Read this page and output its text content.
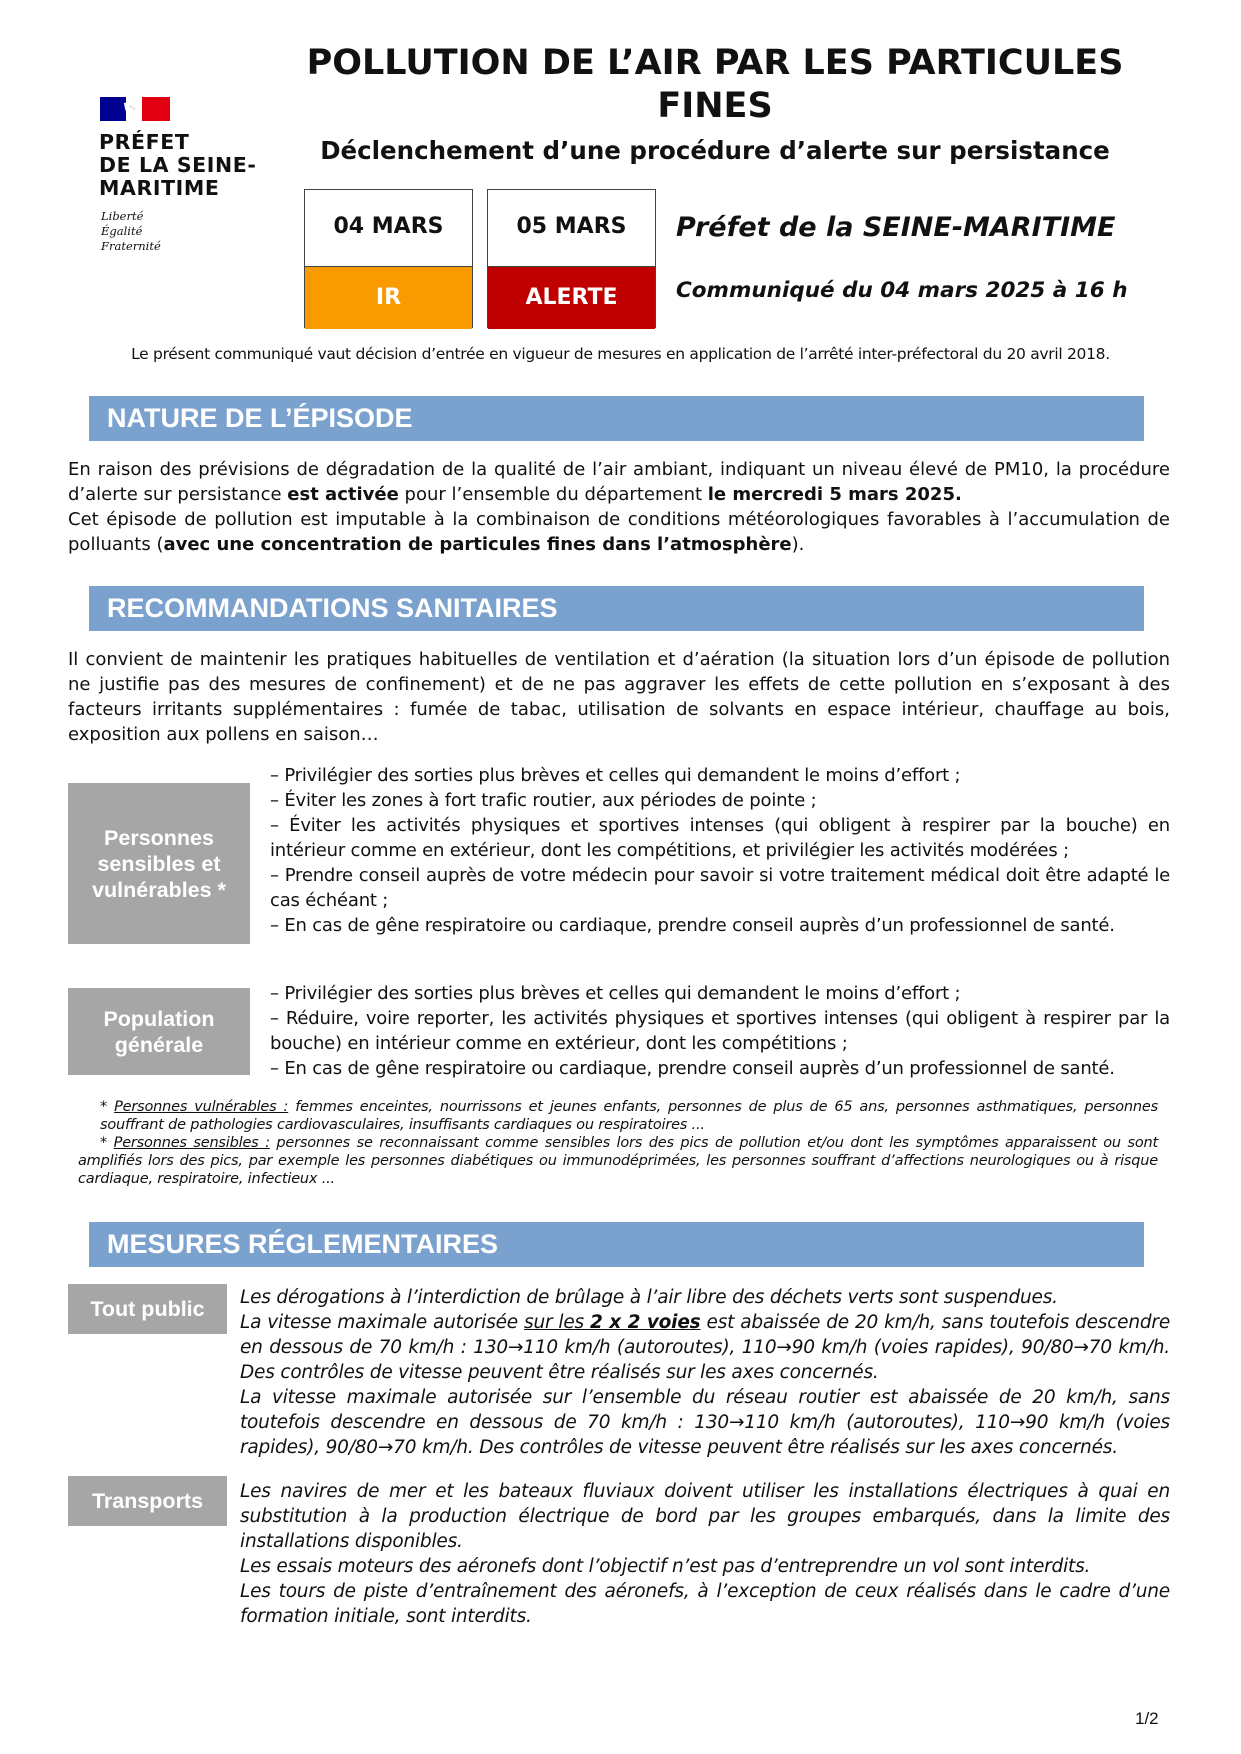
PRÉFET
DE LA SEINE-
MARITIME
Liberté
Égalité
Fraternité
POLLUTION DE L’AIR PAR LES PARTICULES
FINES
Déclenchement d’une procédure d’alerte sur persistance
04 MARS
IR
05 MARS
ALERTE
Préfet de la SEINE-MARITIME
Communiqué du 04 mars 2025 à 16 h
Le présent communiqué vaut décision d’entrée en vigueur de mesures en application de l’arrêté inter-préfectoral du 20 avril 2018.
NATURE DE L’ÉPISODE

En raison des prévisions de dégradation de la qualité de l’air ambiant, indiquant un niveau élevé de PM10, la procédure d’alerte sur persistance est activée pour l’ensemble du département le mercredi 5 mars 2025.

Cet épisode de pollution est imputable à la combinaison de conditions météorologiques favorables à l’accumulation de polluants (avec une concentration de particules fines dans l’atmosphère).

RECOMMANDATIONS SANITAIRES
Il convient de maintenir les pratiques habituelles de ventilation et d’aération (la situation lors d’un épisode de pollution ne justifie pas des mesures de confinement) et de ne pas aggraver les effets de cette pollution en s’exposant à des facteurs irritants supplémentaires : fumée de tabac, utilisation de solvants en espace intérieur, chauffage au bois, exposition aux pollens en saison…
Personnes sensibles et vulnérables *

– Privilégier des sorties plus brèves et celles qui demandent le moins d’effort ;

– Éviter les zones à fort trafic routier, aux périodes de pointe ;

– Éviter les activités physiques et sportives intenses (qui obligent à respirer par la bouche) en intérieur comme en extérieur, dont les compétitions, et privilégier les activités modérées ;

– Prendre conseil auprès de votre médecin pour savoir si votre traitement médical doit être adapté le cas échéant ;

– En cas de gêne respiratoire ou cardiaque, prendre conseil auprès d’un professionnel de santé.

Population générale

– Privilégier des sorties plus brèves et celles qui demandent le moins d’effort ;

– Réduire, voire reporter, les activités physiques et sportives intenses (qui obligent à respirer par la bouche) en intérieur comme en extérieur, dont les compétitions ;

– En cas de gêne respiratoire ou cardiaque, prendre conseil auprès d’un professionnel de santé.

* Personnes vulnérables : femmes enceintes, nourrissons et jeunes enfants, personnes de plus de 65 ans, personnes asthmatiques, personnes souffrant de pathologies cardiovasculaires, insuffisants cardiaques ou respiratoires ...

* Personnes sensibles : personnes se reconnaissant comme sensibles lors des pics de pollution et/ou dont les symptômes apparaissent ou sont amplifiés lors des pics, par exemple les personnes diabétiques ou immunodéprimées, les personnes souffrant d’affections neurologiques ou à risque cardiaque, respiratoire, infectieux ...

MESURES RÉGLEMENTAIRES
Tout public Les dérogations à l’interdiction de brûlage à l’air libre des déchets verts sont suspendues.

La vitesse maximale autorisée sur les 2 x 2 voies est abaissée de 20 km/h, sans toutefois descendre en dessous de 70 km/h : 130→110 km/h (autoroutes), 110→90 km/h (voies rapides), 90/80→70 km/h. Des contrôles de vitesse peuvent être réalisés sur les axes concernés.

La vitesse maximale autorisée sur l’ensemble du réseau routier est abaissée de 20 km/h, sans toutefois descendre en dessous de 70 km/h : 130→110 km/h (autoroutes), 110→90 km/h (voies rapides), 90/80→70 km/h. Des contrôles de vitesse peuvent être réalisés sur les axes concernés.

Transports Les navires de mer et les bateaux fluviaux doivent utiliser les installations électriques à quai en substitution à la production électrique de bord par les groupes embarqués, dans la limite des installations disponibles.

Les essais moteurs des aéronefs dont l’objectif n’est pas d’entreprendre un vol sont interdits.

Les tours de piste d’entraînement des aéronefs, à l’exception de ceux réalisés dans le cadre d’une formation initiale, sont interdits.

1/2
